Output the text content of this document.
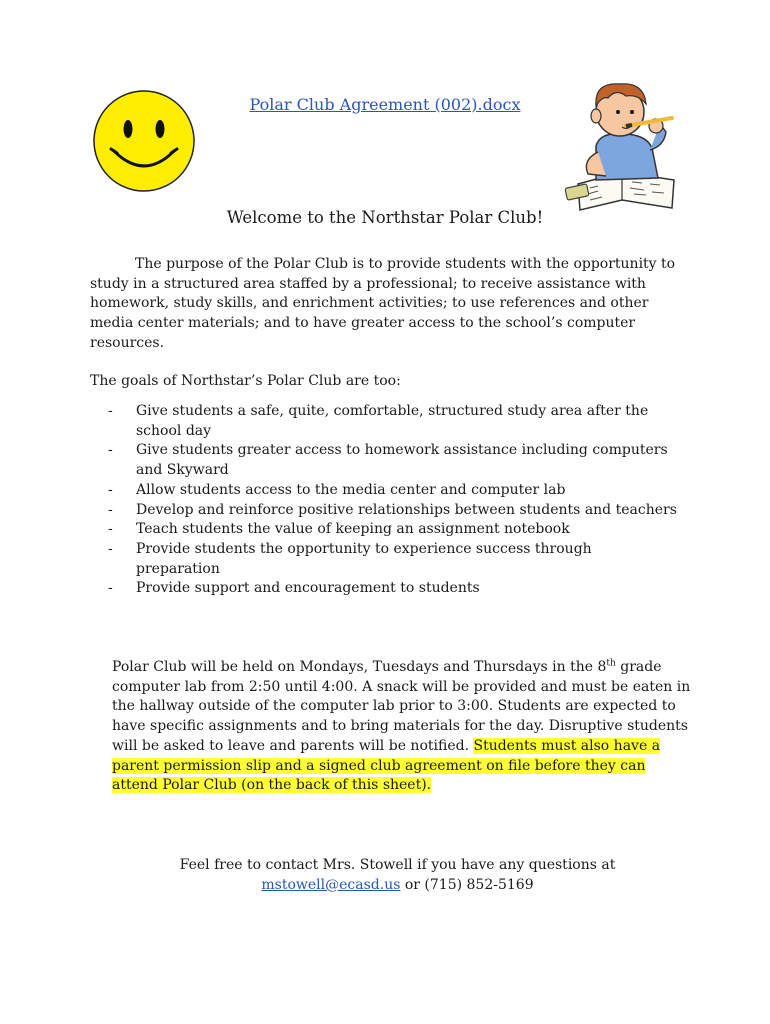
Polar Club Agreement (002).docx
Welcome to the Northstar Polar Club!

The purpose of the Polar Club is to provide students with the opportunity to study in a structured area staffed by a professional; to receive assistance with homework, study skills, and enrichment activities; to use references and other media center materials; and to have greater access to the school’s computer resources.

The goals of Northstar’s Polar Club are too:
- Give students a safe, quite, comfortable, structured study area after the school day
- Give students greater access to homework assistance including computers and Skyward
- Allow students access to the media center and computer lab
- Develop and reinforce positive relationships between students and teachers
- Teach students the value of keeping an assignment notebook
- Provide students the opportunity to experience success through preparation
- Provide support and encouragement to students

Polar Club will be held on Mondays, Tuesdays and Thursdays in the 8th grade computer lab from 2:50 until 4:00. A snack will be provided and must be eaten in the hallway outside of the computer lab prior to 3:00. Students are expected to have specific assignments and to bring materials for the day. Disruptive students will be asked to leave and parents will be notified. Students must also have a parent permission slip and a signed club agreement on file before they can attend Polar Club (on the back of this sheet).

Feel free to contact Mrs. Stowell if you have any questions at
mstowell@ecasd.us or (715) 852-5169
